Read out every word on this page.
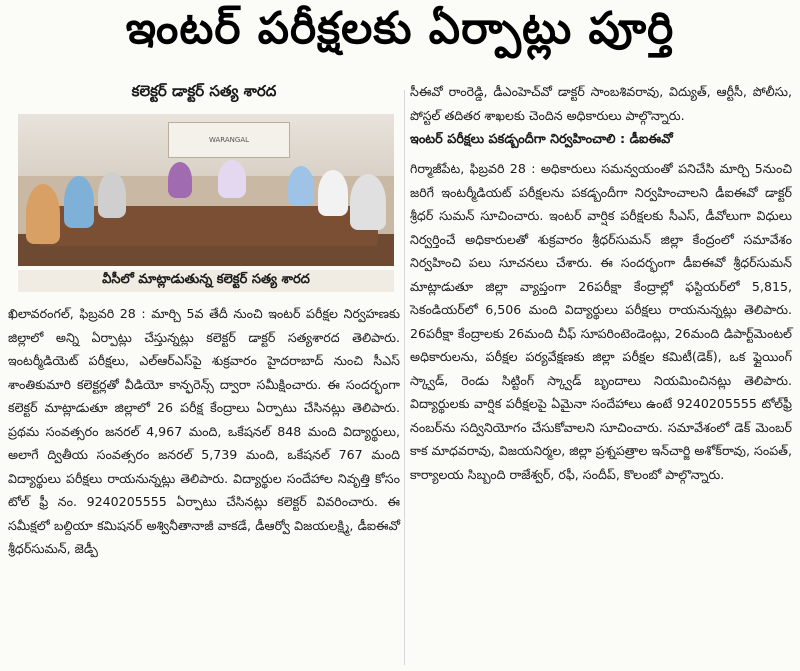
ఇంటర్ పరీక్షలకు ఏర్పాట్లు పూర్తి
కలెక్టర్ డాక్టర్ సత్య శారద
WARANGAL
వీసీలో మాట్లాడుతున్న కలెక్టర్ సత్య శారద
ఖిలావరంగల్, ఫిబ్రవరి 28 : మార్చి 5వ తేదీ నుంచి ఇంటర్ పరీక్షల నిర్వహణకు జిల్లాలో అన్ని ఏర్పాట్లు చేస్తున్నట్లు కలెక్టర్ డాక్టర్ సత్యశారద తెలిపారు. ఇంటర్మీడియెట్ పరీక్షలు, ఎల్ఆర్ఎస్‌పై శుక్రవారం హైదరాబాద్ నుంచి సీఎస్ శాంతికుమారి కలెక్టర్లతో వీడియో కాన్ఫరెన్స్ ద్వారా సమీక్షించారు. ఈ సందర్భంగా కలెక్టర్ మాట్లాడుతూ జిల్లాలో 26 పరీక్ష కేంద్రాలు ఏర్పాటు చేసినట్లు తెలిపారు. ప్రథమ సంవత్సరం జనరల్ 4,967 మంది, ఒకేషనల్ 848 మంది విద్యార్థులు, అలాగే ద్వితీయ సంవత్సరం జనరల్ 5,739 మంది, ఒకేషనల్ 767 మంది విద్యార్థులు పరీక్షలు రాయనున్నట్లు తెలిపారు. విద్యార్థుల సందేహాల నివృత్తి కోసం టోల్ ఫ్రీ నం. 9240205555 ఏర్పాటు చేసినట్లు కలెక్టర్ వివరించారు. ఈ సమీక్షలో బల్దియా కమిషనర్ అశ్వినీతానాజీ వాకడే, డీఆర్వో విజయలక్ష్మి, డీఐఈవో శ్రీధర్‌సుమన్, జెడ్పీ
సీఈవో రాంరెడ్డి, డీఎంహెచ్‌వో డాక్టర్ సాంబశివరావు, విద్యుత్, ఆర్టీసీ, పోలీసు, పోస్టల్ తదితర శాఖలకు చెందిన అధికారులు పాల్గొన్నారు.
ఇంటర్ పరీక్షలు పకడ్బందీగా నిర్వహించాలి : డీఐఈవో
గిర్మాజీపేట, ఫిబ్రవరి 28 : అధికారులు సమన్వయంతో పనిచేసి మార్చి 5నుంచి జరిగే ఇంటర్మీడియట్ పరీక్షలను పకడ్బందీగా నిర్వహించాలని డీఐఈవో డాక్టర్ శ్రీధర్ సుమన్ సూచించారు. ఇంటర్ వార్షిక పరీక్షలకు సీఎస్, డీవోలుగా విధులు నిర్వర్తించే అధికారులతో శుక్రవారం శ్రీధర్‌సుమన్ జిల్లా కేంద్రంలో సమావేశం నిర్వహించి పలు సూచనలు చేశారు. ఈ సందర్భంగా డీఐఈవో శ్రీధర్‌సుమన్ మాట్లాడుతూ జిల్లా వ్యాప్తంగా 26పరీక్షా కేంద్రాల్లో ఫస్టియర్‌లో 5,815, సెకండియర్‌లో 6,506 మంది విద్యార్థులు పరీక్షలు రాయనున్నట్లు తెలిపారు. 26పరీక్షా కేంద్రాలకు 26మంది చీఫ్ సూపరింటెండెంట్లు, 26మంది డిపార్ట్‌మెంటల్ అధికారులను, పరీక్షల పర్యవేక్షణకు జిల్లా పరీక్షల కమిటీ(డెక్), ఒక ఫ్లైయింగ్ స్క్వాడ్, రెండు సిట్టింగ్ స్క్వాడ్ బృందాలు నియమించినట్లు తెలిపారు. విద్యార్థులకు వార్షిక పరీక్షలపై ఏమైనా సందేహాలు ఉంటే 9240205555 టోల్‌ఫ్రీ నంబర్‌ను సద్వినియోగం చేసుకోవాలని సూచించారు. సమావేశంలో డెక్ మెంబర్ కాక మాధవరావు, విజయనిర్మల, జిల్లా ప్రశ్నపత్రాల ఇన్‌చార్జి అశోక్‌రావు, సంపత్, కార్యాలయ సిబ్బంది రాజేశ్వర్, రఫీ, సందీప్, కొలంబో పాల్గొన్నారు.
